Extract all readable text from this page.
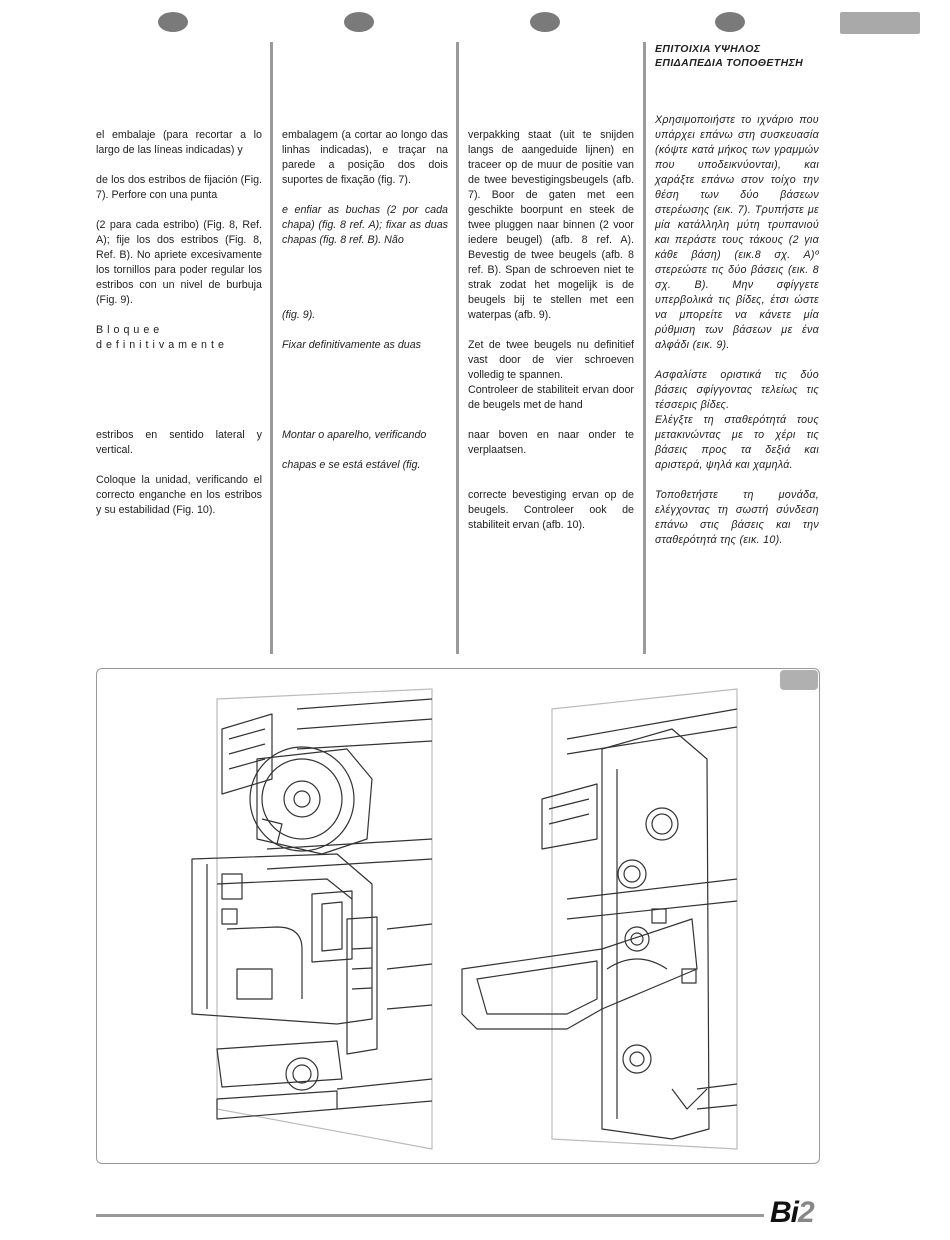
ΕΠΙΤΟΙΧΙΑ ΥΨΗΛΟΣ
ΕΠΙΔΑΠΕΔΙΑ ΤΟΠΟΘΕΤΗΣΗ

el embalaje (para recortar a lo largo de las líneas indicadas) y

de los dos estribos de fijación (Fig. 7). Perfore con una punta

(2 para cada estribo) (Fig. 8, Ref. A); fije los dos estribos (Fig. 8, Ref. B). No apriete excesivamente los tornillos para poder regular los estribos con un nivel de burbuja (Fig. 9).

Bloquee definitivamente

estribos en sentido lateral y vertical.

Coloque la unidad, verificando el correcto enganche en los estribos y su estabilidad (Fig. 10).

embalagem (a cortar ao longo das linhas indicadas), e traçar na parede a posição dos dois suportes de fixação (fig. 7).

e enfiar as buchas (2 por cada chapa) (fig. 8 ref. A); fixar as duas chapas (fig. 8 ref. B). Não

(fig. 9).

Fixar definitivamente as duas

Montar o aparelho, verificando

chapas e se está estável (fig.

verpakking staat (uit te snijden langs de aangeduide lijnen) en traceer op de muur de positie van de twee bevestigingsbeugels (afb. 7). Boor de gaten met een geschikte boorpunt en steek de twee pluggen naar binnen (2 voor iedere beugel) (afb. 8 ref. A). Bevestig de twee beugels (afb. 8 ref. B). Span de schroeven niet te strak zodat het mogelijk is de beugels bij te stellen met een waterpas (afb. 9).

Zet de twee beugels nu definitief vast door de vier schroeven volledig te spannen.

Controleer de stabiliteit ervan door de beugels met de hand

naar boven en naar onder te verplaatsen.

correcte bevestiging ervan op de beugels. Controleer ook de stabiliteit ervan (afb. 10).

Χρησιμοποιήστε το ιχνάριο που υπάρχει επάνω στη συσκευασία (κόψτε κατά μήκος των γραμμών που υποδεικνύονται), και χαράξτε επάνω στον τοίχο την θέση των δύο βάσεων στερέωσης (εικ. 7). Τρυπήστε με μία κατάλληλη μύτη τρυπανιού και περάστε τους τάκους (2 για κάθε βάση) (εικ.8 σχ. Α)º στερεώστε τις δύο βάσεις (εικ. 8 σχ. Β). Μην σφίγγετε υπερβολικά τις βίδες, έτσι ώστε να μπορείτε να κάνετε μία ρύθμιση των βάσεων με ένα αλφάδι (εικ. 9).

Ασφαλίστε οριστικά τις δύο βάσεις σφίγγοντας τελείως τις τέσσερις βίδες.

Ελέγξτε τη σταθερότητά τους μετακινώντας με το χέρι τις βάσεις προς τα δεξιά και αριστερά, ψηλά και χαμηλά.

Τοποθετήστε τη μονάδα, ελέγχοντας τη σωστή σύνδεση επάνω στις βάσεις και την σταθερότητά της (εικ. 10).

Bi2
